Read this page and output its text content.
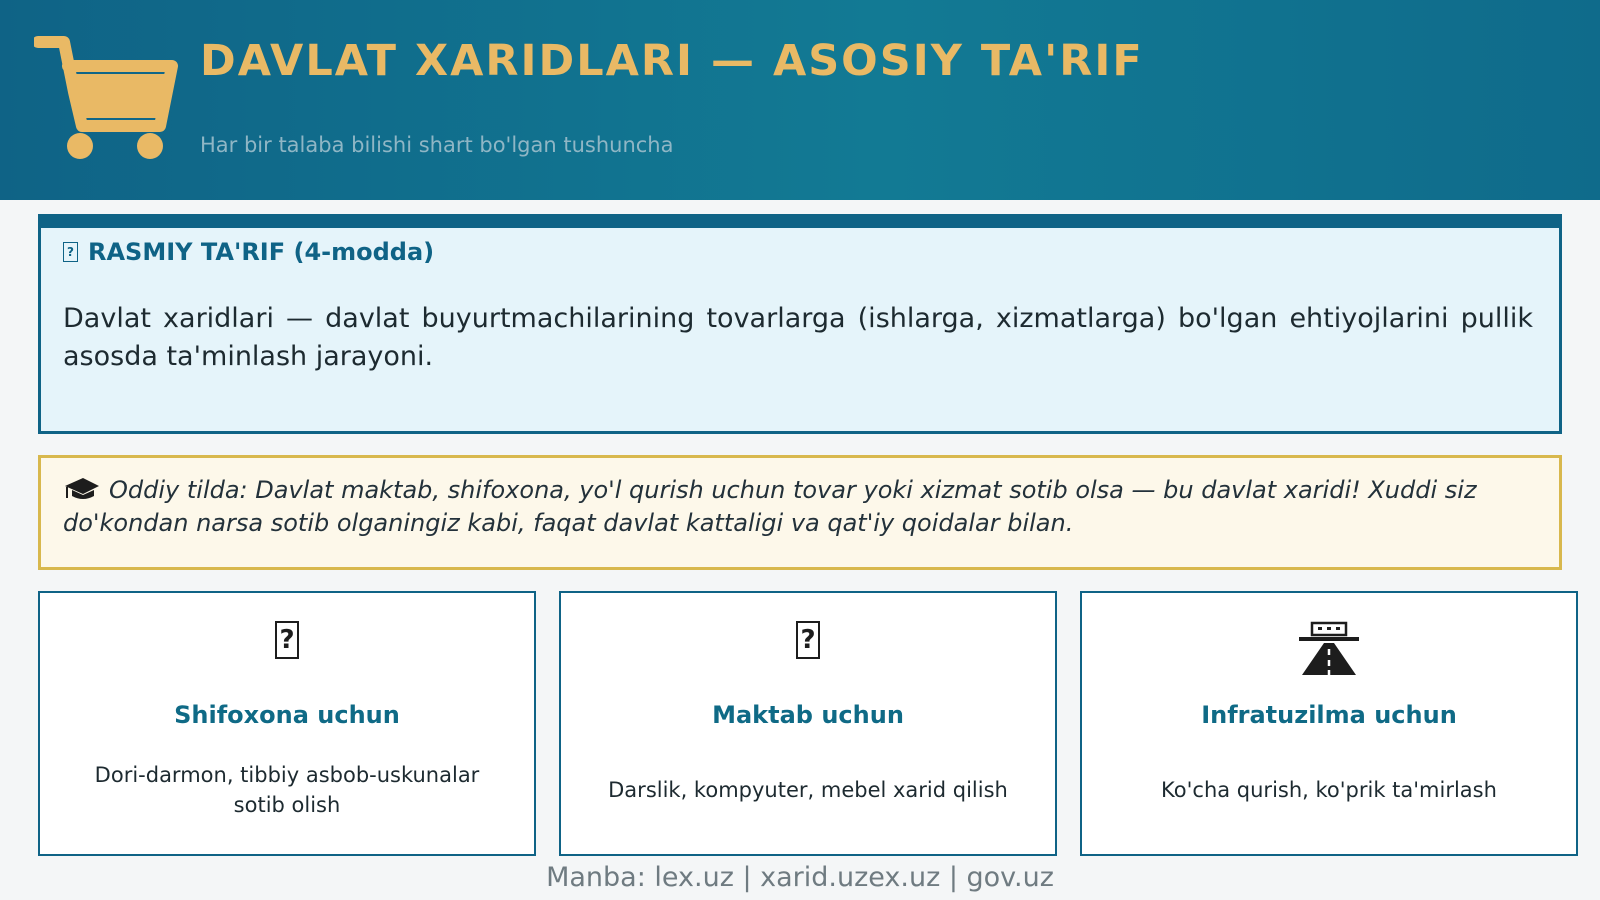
DAVLAT XARIDLARI — ASOSIY TA'RIF
Har bir talaba bilishi shart bo'lgan tushuncha
? RASMIY TA'RIF (4-modda)
Davlat xaridlari — davlat buyurtmachilarining tovarlarga (ishlarga, xizmatlarga) bo'lgan ehtiyojlarini pullik asosda ta'minlash jarayoni.
Oddiy tilda: Davlat maktab, shifoxona, yo'l qurish uchun tovar yoki xizmat sotib olsa — bu davlat xaridi! Xuddi siz do'kondan narsa sotib olganingiz kabi, faqat davlat kattaligi va qat'iy qoidalar bilan.
?
Shifoxona uchun
Dori-darmon, tibbiy asbob-uskunalar sotib olish
?
Maktab uchun
Darslik, kompyuter, mebel xarid qilish
Infratuzilma uchun
Ko'cha qurish, ko'prik ta'mirlash
Manba: lex.uz | xarid.uzex.uz | gov.uz
